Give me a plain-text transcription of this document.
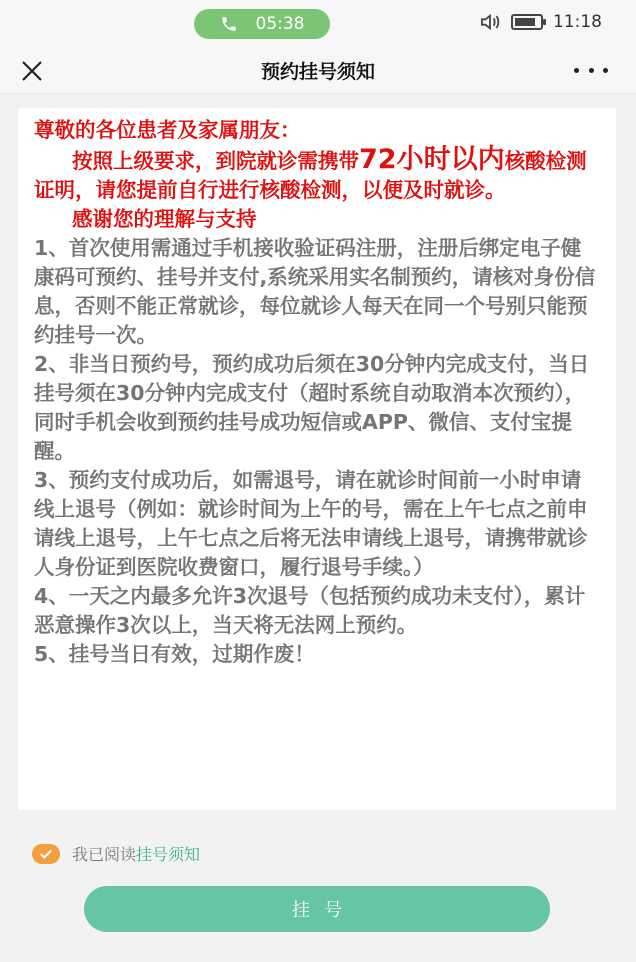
05:38	11:18
预约挂号须知

尊敬的各位患者及家属朋友：

按照上级要求，到院就诊需携带72小时以内核酸检测证明，请您提前自行进行核酸检测，以便及时就诊。

感谢您的理解与支持

1、首次使用需通过手机接收验证码注册，注册后绑定电子健康码可预约、挂号并支付,系统采用实名制预约，请核对身份信息，否则不能正常就诊，每位就诊人每天在同一个号别只能预约挂号一次。

2、非当日预约号，预约成功后须在30分钟内完成支付，当日挂号须在30分钟内完成支付（超时系统自动取消本次预约），同时手机会收到预约挂号成功短信或APP、微信、支付宝提醒。

3、预约支付成功后，如需退号，请在就诊时间前一小时申请线上退号（例如：就诊时间为上午的号，需在上午七点之前申请线上退号，上午七点之后将无法申请线上退号，请携带就诊人身份证到医院收费窗口，履行退号手续。）

4、一天之内最多允许3次退号（包括预约成功未支付），累计恶意操作3次以上，当天将无法网上预约。

5、挂号当日有效，过期作废！

我已阅读挂号须知
挂号
